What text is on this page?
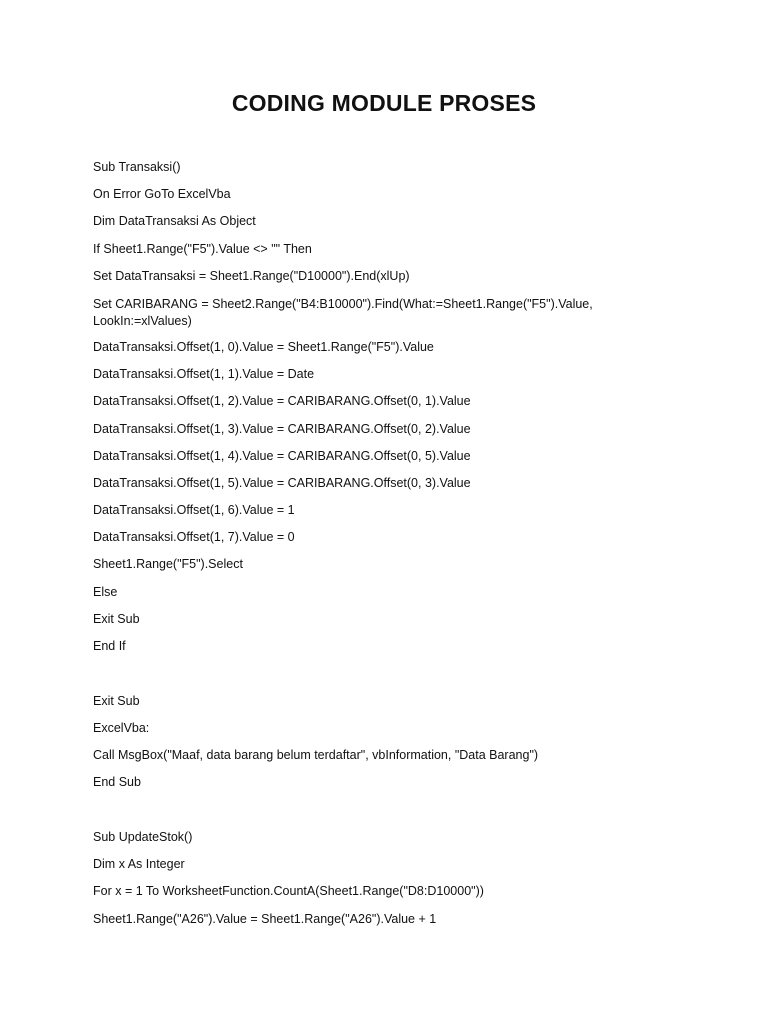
CODING MODULE PROSES
Sub Transaksi()
On Error GoTo ExcelVba
Dim DataTransaksi As Object
If Sheet1.Range("F5").Value <> "" Then
Set DataTransaksi = Sheet1.Range("D10000").End(xlUp)
Set CARIBARANG = Sheet2.Range("B4:B10000").Find(What:=Sheet1.Range("F5").Value, LookIn:=xlValues)
DataTransaksi.Offset(1, 0).Value = Sheet1.Range("F5").Value
DataTransaksi.Offset(1, 1).Value = Date
DataTransaksi.Offset(1, 2).Value = CARIBARANG.Offset(0, 1).Value
DataTransaksi.Offset(1, 3).Value = CARIBARANG.Offset(0, 2).Value
DataTransaksi.Offset(1, 4).Value = CARIBARANG.Offset(0, 5).Value
DataTransaksi.Offset(1, 5).Value = CARIBARANG.Offset(0, 3).Value
DataTransaksi.Offset(1, 6).Value = 1
DataTransaksi.Offset(1, 7).Value = 0
Sheet1.Range("F5").Select
Else
Exit Sub
End If
Exit Sub
ExcelVba:
Call MsgBox("Maaf, data barang belum terdaftar", vbInformation, "Data Barang")
End Sub
Sub UpdateStok()
Dim x As Integer
For x = 1 To WorksheetFunction.CountA(Sheet1.Range("D8:D10000"))
Sheet1.Range("A26").Value = Sheet1.Range("A26").Value + 1
